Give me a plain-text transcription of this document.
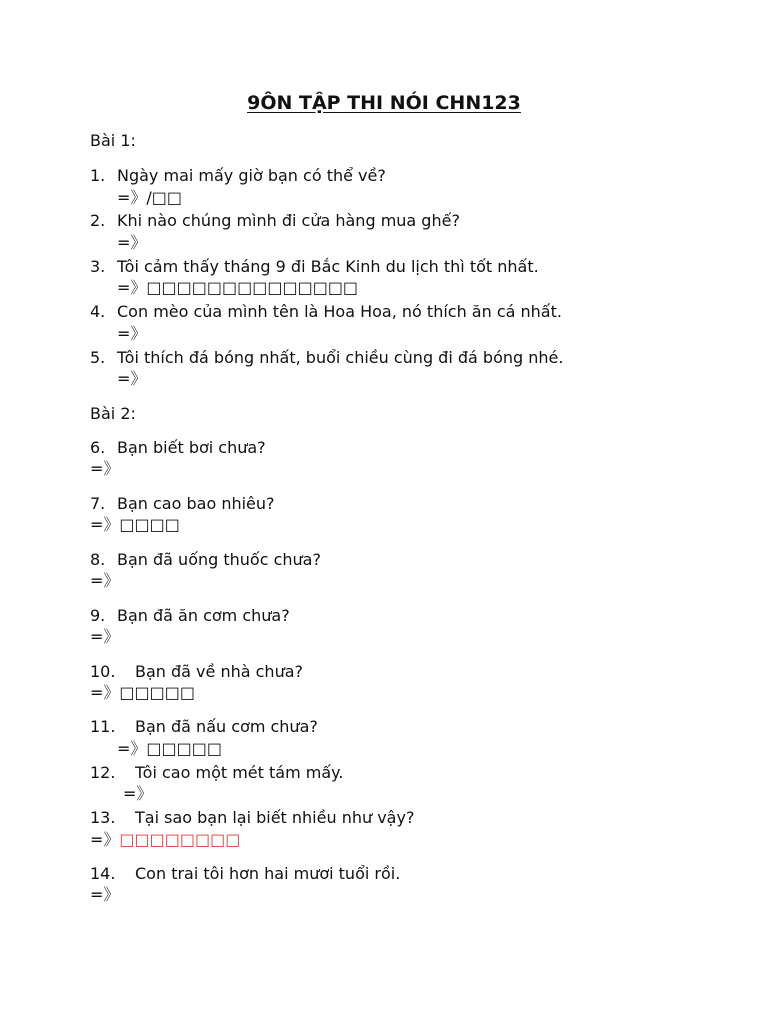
9ÔN TẬP THI NÓI CHN123
Bài 1:
1. Ngày mai mấy giờ bạn có thể về?
=》/□□
2. Khi nào chúng mình đi cửa hàng mua ghế?
=》
3. Tôi cảm thấy tháng 9 đi Bắc Kinh du lịch thì tốt nhất.
=》□□□□□□□□□□□□□□
4. Con mèo của mình tên là Hoa Hoa, nó thích ăn cá nhất.
=》
5. Tôi thích đá bóng nhất, buổi chiều cùng đi đá bóng nhé.
=》
Bài 2:
6. Bạn biết bơi chưa?
=》
7. Bạn cao bao nhiêu?
=》□□□□
8. Bạn đã uống thuốc chưa?
=》
9. Bạn đã ăn cơm chưa?
=》
10. Bạn đã về nhà chưa?
=》□□□□□
11. Bạn đã nấu cơm chưa?
=》□□□□□
12. Tôi cao một mét tám mấy.
=》
13. Tại sao bạn lại biết nhiều như vậy?
=》□□□□□□□□
14. Con trai tôi hơn hai mươi tuổi rồi.
=》
